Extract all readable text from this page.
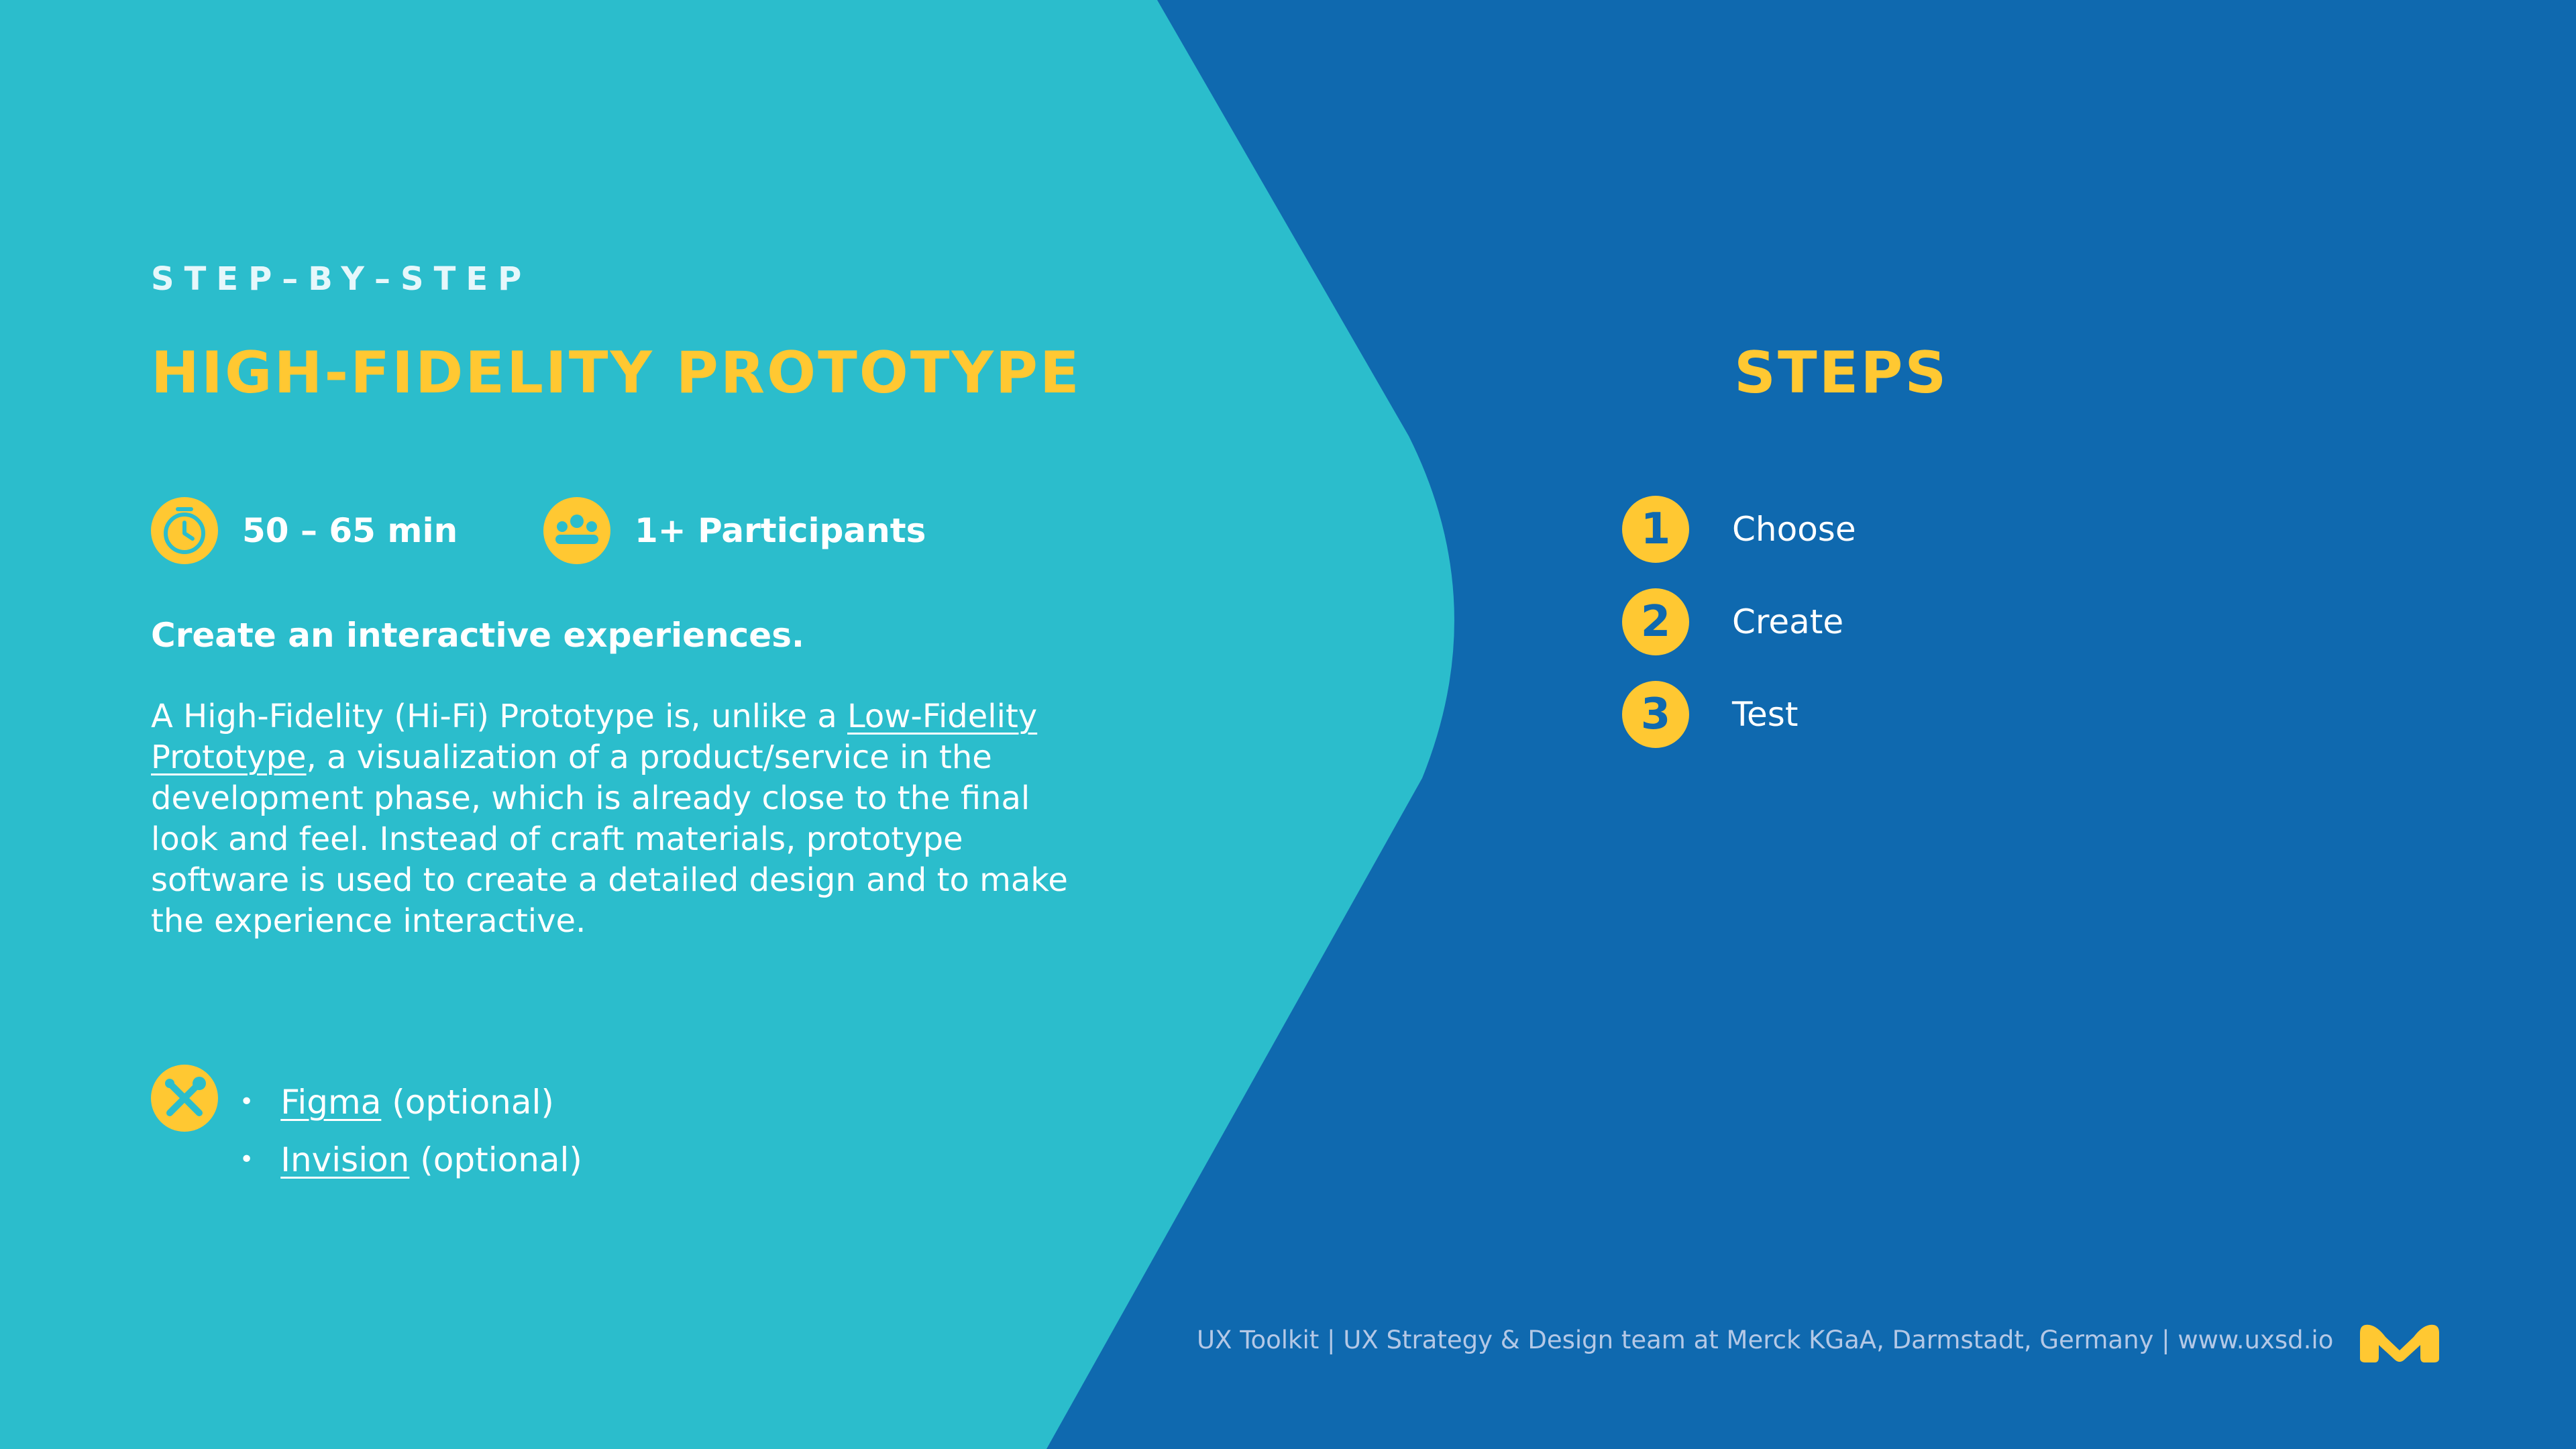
STEP–BY–STEP
HIGH-FIDELITY PROTOTYPE
50 – 65 min	1+ Participants
Create an interactive experiences.

A High-Fidelity (Hi-Fi) Prototype is, unlike a Low-Fidelity Prototype, a visualization of a product/service in the development phase, which is already close to the final look and feel. Instead of craft materials, prototype software is used to create a detailed design and to make the experience interactive.

• Figma (optional)
• Invision (optional)
STEPS
1	Choose
2	Create
3	Test
UX Toolkit | UX Strategy & Design team at Merck KGaA, Darmstadt, Germany | www.uxsd.io
